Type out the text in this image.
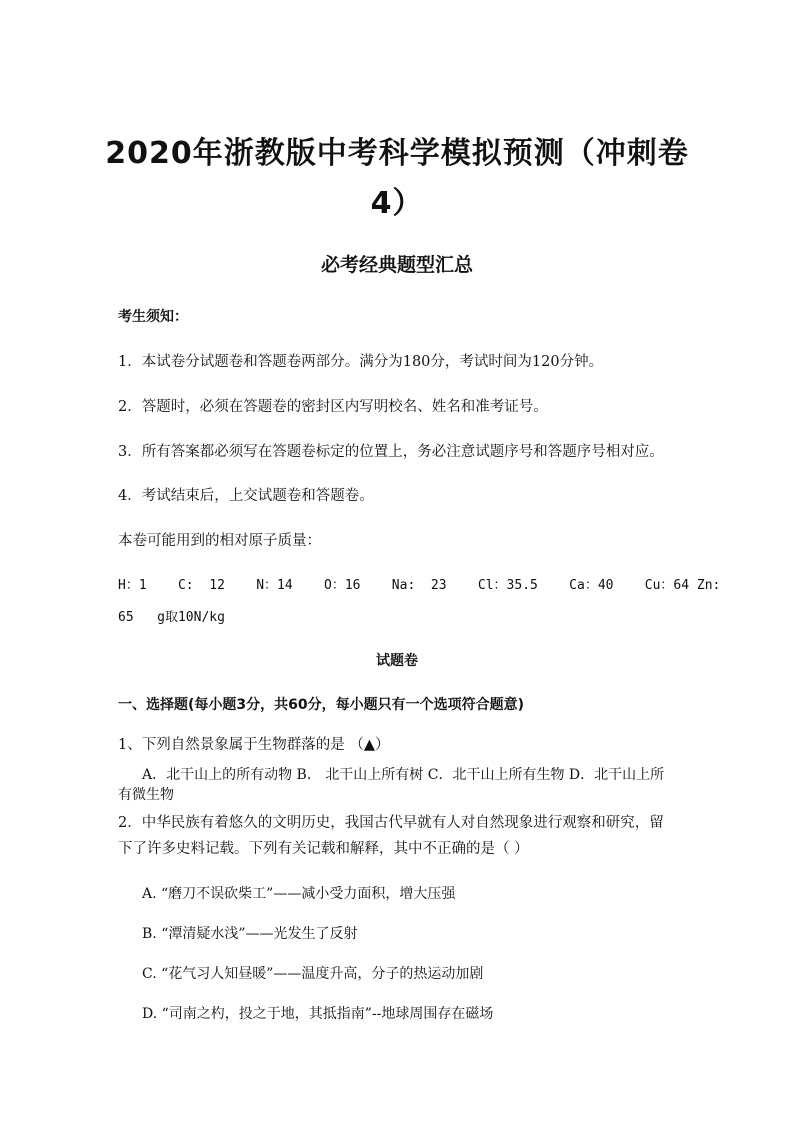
2020年浙教版中考科学模拟预测（冲刺卷
4）
必考经典题型汇总
考生须知：
1．本试卷分试题卷和答题卷两部分。满分为180分，考试时间为120分钟。
2．答题时，必须在答题卷的密封区内写明校名、姓名和准考证号。
3．所有答案都必须写在答题卷标定的位置上，务必注意试题序号和答题序号相对应。
4．考试结束后，上交试题卷和答题卷。
本卷可能用到的相对原子质量：
H：1    C:  12    N：14    O：16    Na:  23    Cl：35.5    Ca：40    Cu：64 Zn:
65   g取10N/kg
试题卷
一、选择题(每小题3分，共60分，每小题只有一个选项符合题意)
1、下列自然景象属于生物群落的是 （▲）
A．北干山上的所有动物 B． 北干山上所有树 C．北干山上所有生物 D．北干山上所
有微生物
2．中华民族有着悠久的文明历史，我国古代早就有人对自然现象进行观察和研究，留下了许多史料记载。下列有关记载和解释，其中不正确的是（ ）
A. “磨刀不误砍柴工”——减小受力面积，增大压强
B. “潭清疑水浅”——光发生了反射
C. “花气习人知昼暖”——温度升高，分子的热运动加剧
D. “司南之杓，投之于地，其抵指南”--地球周围存在磁场
